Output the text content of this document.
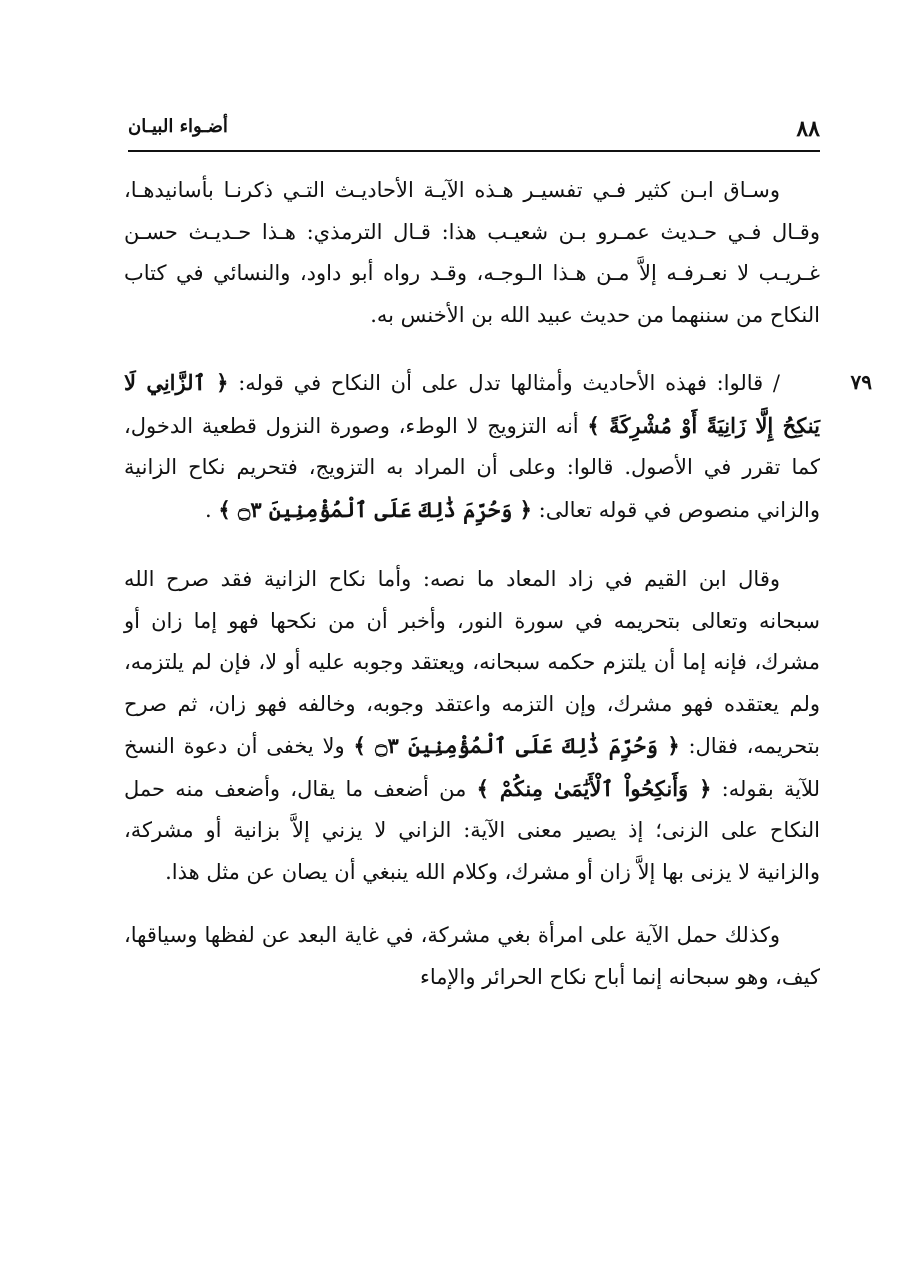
٨٨
أضـواء البيـان

وسـاق ابـن كثير فـي تفسيـر هـذه الآيـة الأحاديـث التـي ذكرنـا بأسانيدهـا، وقـال فـي حـديث عمـرو بـن شعيـب هذا: قـال الترمذي: هـذا حـديـث حسـن غـريـب لا نعـرفـه إلاَّ مـن هـذا الـوجـه، وقـد رواه أبو داود، والنسائي في كتاب النكاح من سننهما من حديث عبيد الله بن الأخنس به.

٧٩

/ قالوا: فهذه الأحاديث وأمثالها تدل على أن النكاح في قوله: ﴿ ٱلزَّانِي لَا يَنكِحُ إِلَّا زَانِيَةً أَوْ مُشْرِكَةً ﴾ أنه التزويج لا الوطء، وصورة النزول قطعية الدخول، كما تقرر في الأصول. قالوا: وعلى أن المراد به التزويج، فتحريم نكاح الزانية والزاني منصوص في قوله تعالى: ﴿ وَحُرِّمَ ذَٰلِكَ عَلَى ٱلْمُؤْمِنِينَ ۝٣ ﴾ .

وقال ابن القيم في زاد المعاد ما نصه: وأما نكاح الزانية فقد صرح الله سبحانه وتعالى بتحريمه في سورة النور، وأخبر أن من نكحها فهو إما زان أو مشرك، فإنه إما أن يلتزم حكمه سبحانه، ويعتقد وجوبه عليه أو لا، فإن لم يلتزمه، ولم يعتقده فهو مشرك، وإن التزمه واعتقد وجوبه، وخالفه فهو زان، ثم صرح بتحريمه، فقال: ﴿ وَحُرِّمَ ذَٰلِكَ عَلَى ٱلْمُؤْمِنِينَ ۝٣ ﴾ ولا يخفى أن دعوة النسخ للآية بقوله: ﴿ وَأَنكِحُواْ ٱلْأَيَٰمَىٰ مِنكُمْ ﴾ من أضعف ما يقال، وأضعف منه حمل النكاح على الزنى؛ إذ يصير معنى الآية: الزاني لا يزني إلاَّ بزانية أو مشركة، والزانية لا يزنى بها إلاَّ زان أو مشرك، وكلام الله ينبغي أن يصان عن مثل هذا.

وكذلك حمل الآية على امرأة بغي مشركة، في غاية البعد عن لفظها وسياقها، كيف، وهو سبحانه إنما أباح نكاح الحرائر والإماء
